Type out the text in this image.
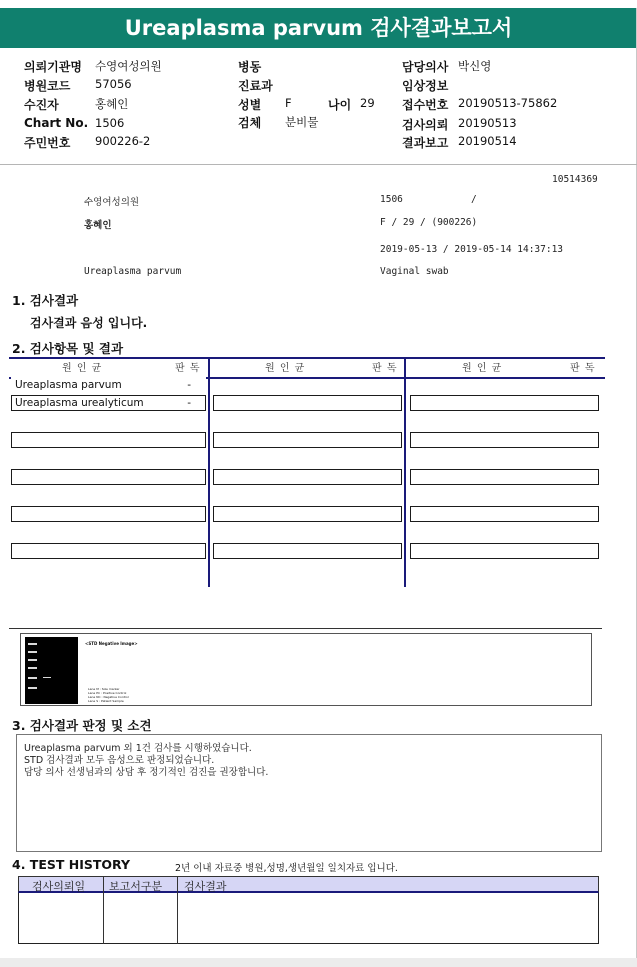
Ureaplasma parvum 검사결과보고서
의뢰기관명 수영여성의원	병동	담당의사 박신영
병원코드 57056	진료과	임상정보
수진자	홍혜인	성별 F	나이 29 접수번호 20190513-75862
Chart No. 1506	검체 분비물	검사의뢰 20190513
주민번호 900226-2	결과보고 20190514
10514369
수영여성의원	1506	/
홍혜인	F / 29 / (900226)
2019-05-13 / 2019-05-14 14:37:13
Ureaplasma parvum	Vaginal swab
1. 검사결과
검사결과 음성 입니다.
2. 검사항목 및 결과
원 인 균	판 독	원 인 균	판 독	원 인 균	판 독
Ureaplasma parvum	-
Ureaplasma urealyticum	-
<STD Negative Image>
Lane M : Size marker
Lane PC : Positive Control
Lane NC : Negative Control
Lane S : Patient Sample
3. 검사결과 판정 및 소견
Ureaplasma parvum 외 1건 검사를 시행하였습니다.
STD 검사결과 모두 음성으로 판정되었습니다.
담당 의사 선생님과의 상담 후 정기적인 검진을 권장합니다.
4. TEST HISTORY	2년 이내 자료중 병원,성명,생년월일 일치자료 입니다.
검사의뢰일 보고서구분 검사결과
